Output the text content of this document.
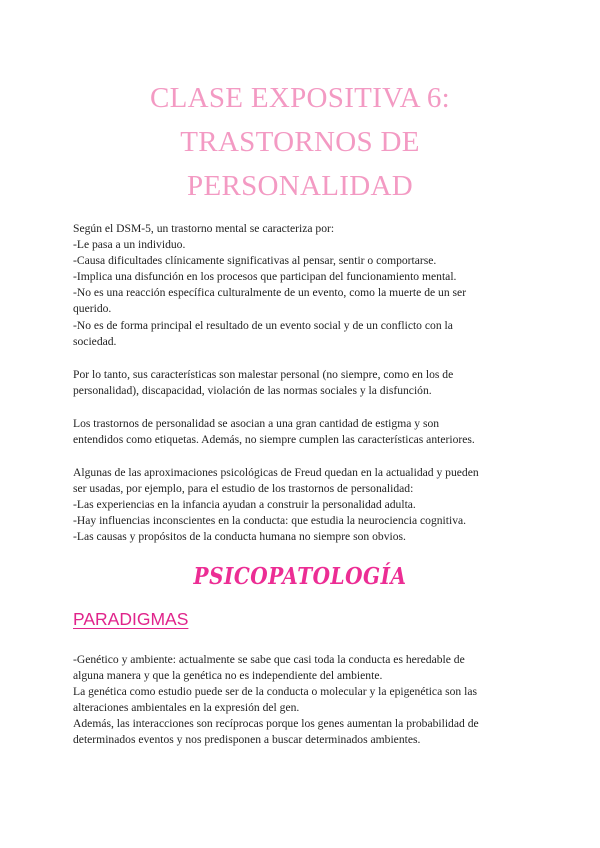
CLASE EXPOSITIVA 6:
TRASTORNOS DE
PERSONALIDAD
Según el DSM-5, un trastorno mental se caracteriza por:
-Le pasa a un individuo.
-Causa dificultades clínicamente significativas al pensar, sentir o comportarse.
-Implica una disfunción en los procesos que participan del funcionamiento mental.
-No es una reacción específica culturalmente de un evento, como la muerte de un ser
querido.
-No es de forma principal el resultado de un evento social y de un conflicto con la
sociedad.
Por lo tanto, sus características son malestar personal (no siempre, como en los de
personalidad), discapacidad, violación de las normas sociales y la disfunción.
Los trastornos de personalidad se asocian a una gran cantidad de estigma y son
entendidos como etiquetas. Además, no siempre cumplen las características anteriores.
Algunas de las aproximaciones psicológicas de Freud quedan en la actualidad y pueden
ser usadas, por ejemplo, para el estudio de los trastornos de personalidad:
-Las experiencias en la infancia ayudan a construir la personalidad adulta.
-Hay influencias inconscientes en la conducta: que estudia la neurociencia cognitiva.
-Las causas y propósitos de la conducta humana no siempre son obvios.
PSICOPATOLOGÍA
PARADIGMAS
-Genético y ambiente: actualmente se sabe que casi toda la conducta es heredable de
alguna manera y que la genética no es independiente del ambiente.
La genética como estudio puede ser de la conducta o molecular y la epigenética son las
alteraciones ambientales en la expresión del gen.
Además, las interacciones son recíprocas porque los genes aumentan la probabilidad de
determinados eventos y nos predisponen a buscar determinados ambientes.
